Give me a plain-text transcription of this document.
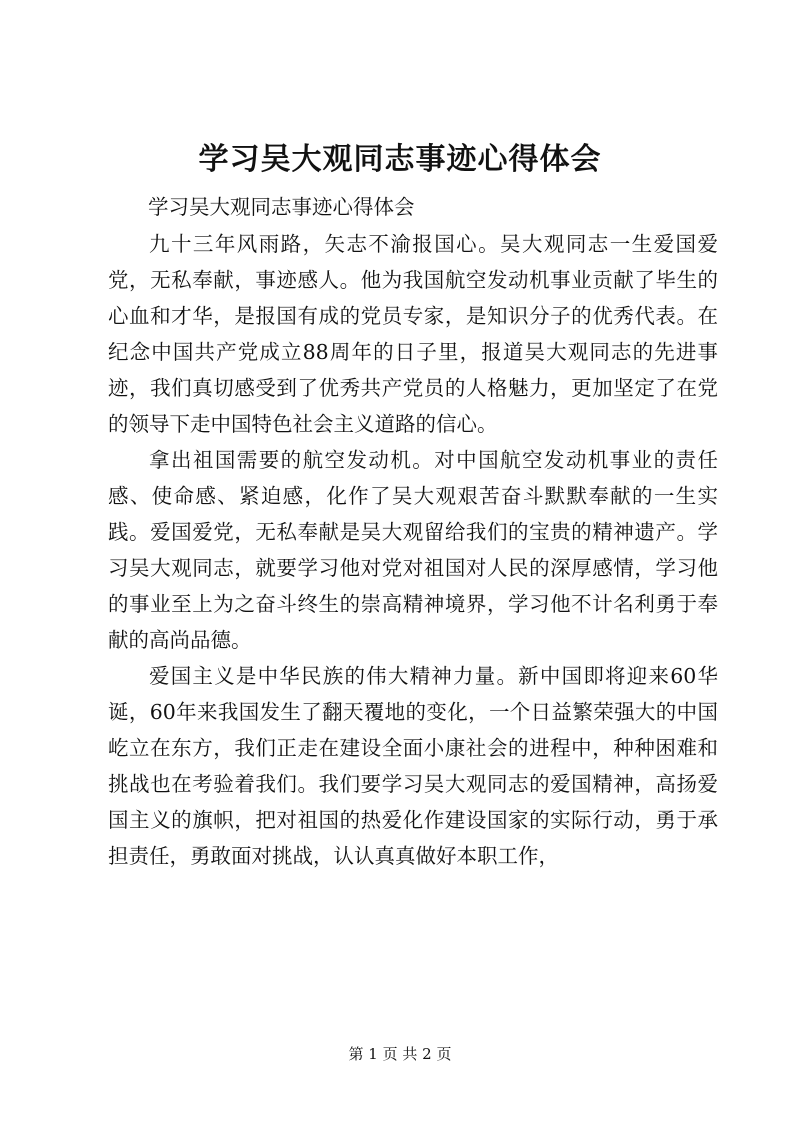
学习吴大观同志事迹心得体会
学习吴大观同志事迹心得体会

九十三年风雨路，矢志不渝报国心。吴大观同志一生爱国爱党，无私奉献，事迹感人。他为我国航空发动机事业贡献了毕生的心血和才华，是报国有成的党员专家，是知识分子的优秀代表。在纪念中国共产党成立88周年的日子里，报道吴大观同志的先进事迹，我们真切感受到了优秀共产党员的人格魅力，更加坚定了在党的领导下走中国特色社会主义道路的信心。

拿出祖国需要的航空发动机。对中国航空发动机事业的责任感、使命感、紧迫感，化作了吴大观艰苦奋斗默默奉献的一生实践。爱国爱党，无私奉献是吴大观留给我们的宝贵的精神遗产。学习吴大观同志，就要学习他对党对祖国对人民的深厚感情，学习他的事业至上为之奋斗终生的崇高精神境界，学习他不计名利勇于奉献的高尚品德。

爱国主义是中华民族的伟大精神力量。新中国即将迎来60华诞，60年来我国发生了翻天覆地的变化，一个日益繁荣强大的中国屹立在东方，我们正走在建设全面小康社会的进程中，种种困难和挑战也在考验着我们。我们要学习吴大观同志的爱国精神，高扬爱国主义的旗帜，把对祖国的热爱化作建设国家的实际行动，勇于承担责任，勇敢面对挑战，认认真真做好本职工作，

第 1 页 共 2 页
